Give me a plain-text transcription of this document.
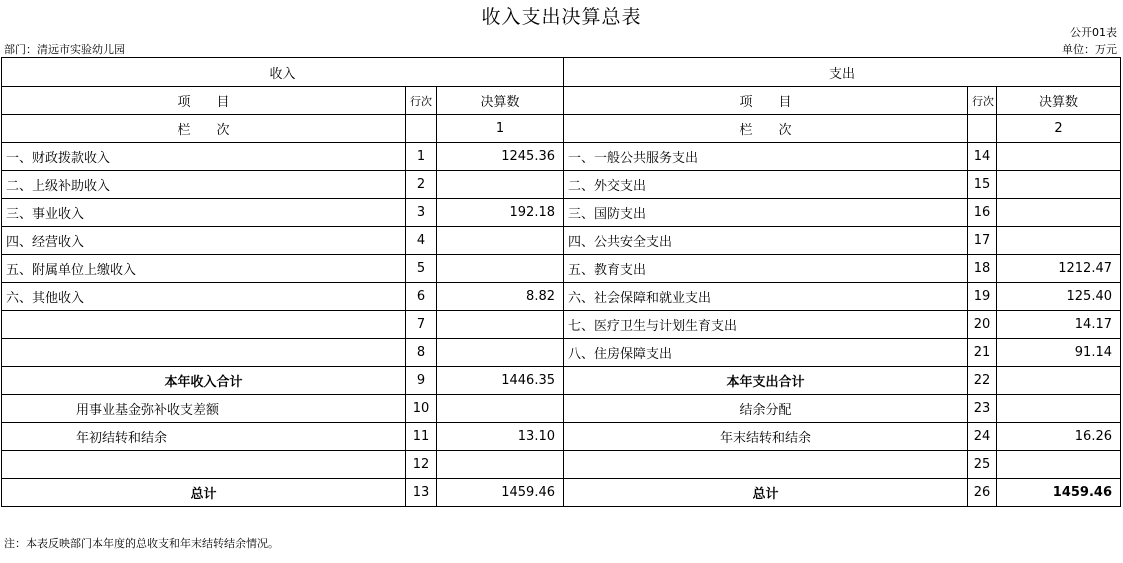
收入支出决算总表
公开01表
部门：清远市实验幼儿园	单位：万元
收入			支出		
项　　目	行次	决算数	项　　目	行次	决算数
栏　　次		1	栏　　次		2
一、财政拨款收入	1	1245.36	一、一般公共服务支出	14	
二、上级补助收入	2		二、外交支出	15	
三、事业收入	3	192.18	三、国防支出	16	
四、经营收入	4		四、公共安全支出	17	
五、附属单位上缴收入	5		五、教育支出	18	1212.47
六、其他收入	6	8.82	六、社会保障和就业支出	19	125.40
	7		七、医疗卫生与计划生育支出	20	14.17
	8		八、住房保障支出	21	91.14
本年收入合计	9	1446.35	本年支出合计	22	
用事业基金弥补收支差额	10		结余分配	23	
年初结转和结余	11	13.10	年末结转和结余	24	16.26
	12			25	
总计	13	1459.46	总计	26	1459.46
注：本表反映部门本年度的总收支和年末结转结余情况。
